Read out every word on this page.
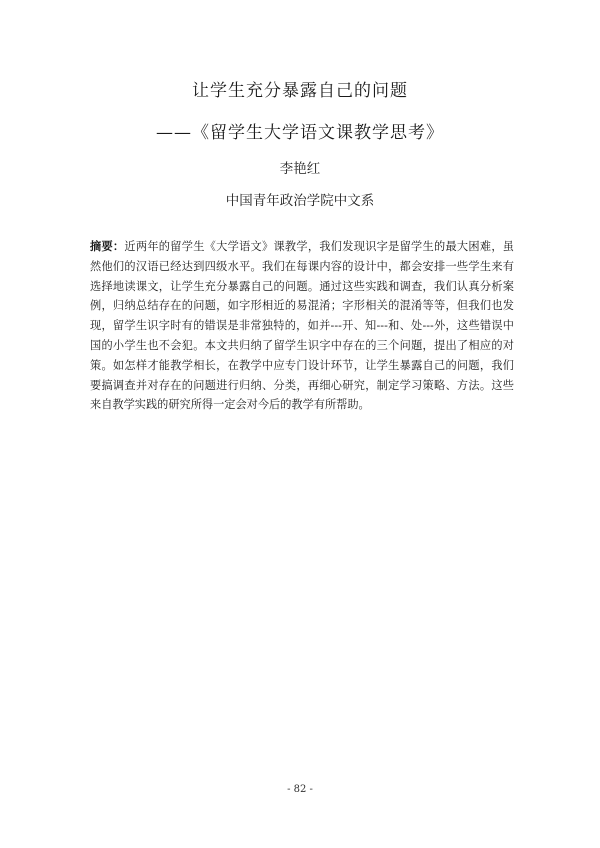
让学生充分暴露自己的问题
——《留学生大学语文课教学思考》
李艳红
中国青年政治学院中文系
摘要：近两年的留学生《大学语文》课教学，我们发现识字是留学生的最大困难，虽然他们的汉语已经达到四级水平。我们在每课内容的设计中，都会安排一些学生来有选择地读课文，让学生充分暴露自己的问题。通过这些实践和调查，我们认真分析案例，归纳总结存在的问题，如字形相近的易混淆；字形相关的混淆等等，但我们也发现，留学生识字时有的错误是非常独特的，如并---开、知---和、处---外，这些错误中国的小学生也不会犯。本文共归纳了留学生识字中存在的三个问题，提出了相应的对策。如怎样才能教学相长，在教学中应专门设计环节，让学生暴露自己的问题，我们要搞调查并对存在的问题进行归纳、分类，再细心研究，制定学习策略、方法。这些来自教学实践的研究所得一定会对今后的教学有所帮助。
- 82 -
